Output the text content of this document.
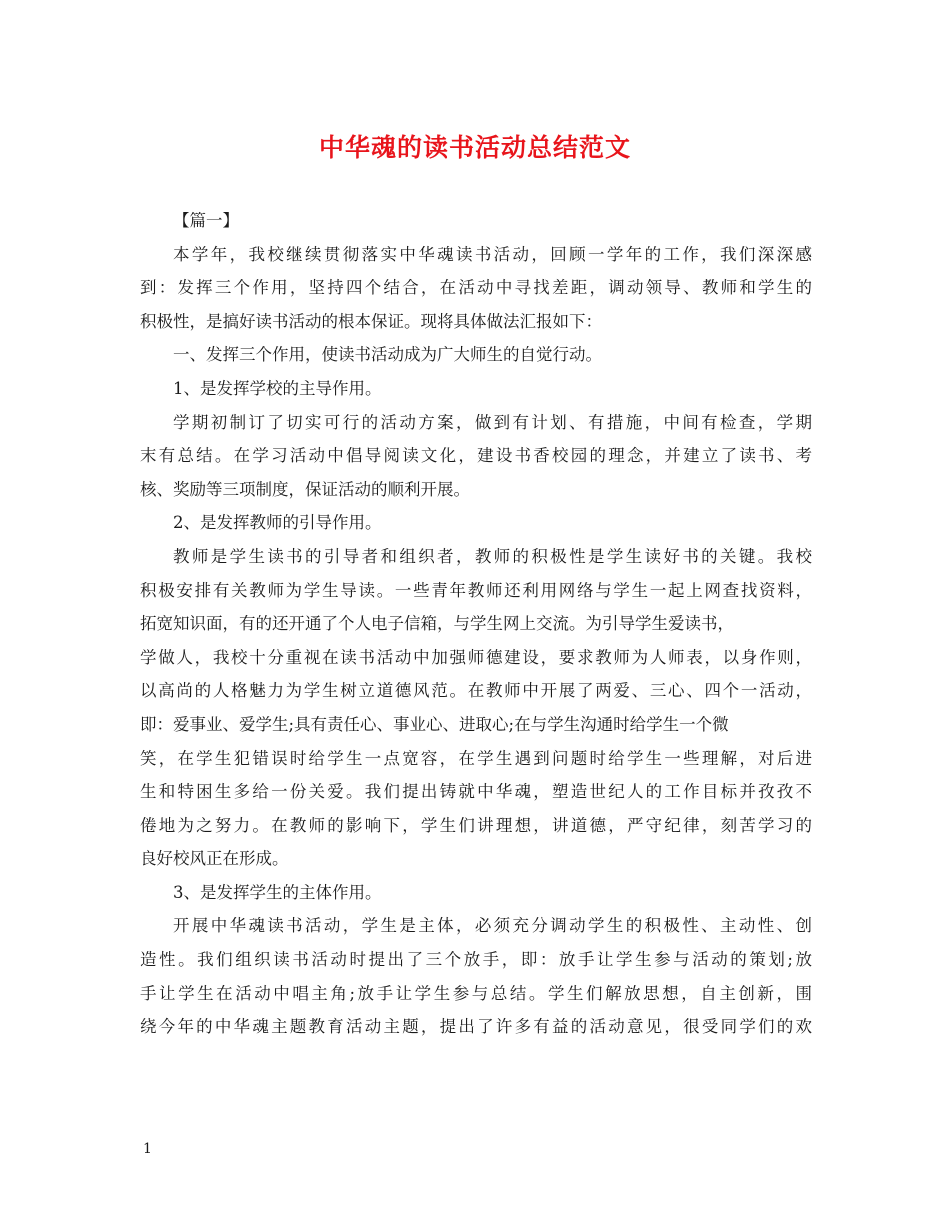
中华魂的读书活动总结范文
【篇一】
本学年，我校继续贯彻落实中华魂读书活动，回顾一学年的工作，我们深深感
到：发挥三个作用，坚持四个结合，在活动中寻找差距，调动领导、教师和学生的
积极性，是搞好读书活动的根本保证。现将具体做法汇报如下：
一、发挥三个作用，使读书活动成为广大师生的自觉行动。
1、是发挥学校的主导作用。
学期初制订了切实可行的活动方案，做到有计划、有措施，中间有检查，学期
末有总结。在学习活动中倡导阅读文化，建设书香校园的理念，并建立了读书、考
核、奖励等三项制度，保证活动的顺利开展。
2、是发挥教师的引导作用。
教师是学生读书的引导者和组织者，教师的积极性是学生读好书的关键。我校
积极安排有关教师为学生导读。一些青年教师还利用网络与学生一起上网查找资料，
拓宽知识面，有的还开通了个人电子信箱，与学生网上交流。为引导学生爱读书，
学做人，我校十分重视在读书活动中加强师德建设，要求教师为人师表，以身作则，
以高尚的人格魅力为学生树立道德风范。在教师中开展了两爱、三心、四个一活动，
即：爱事业、爱学生;具有责任心、事业心、进取心;在与学生沟通时给学生一个微
笑，在学生犯错误时给学生一点宽容，在学生遇到问题时给学生一些理解，对后进
生和特困生多给一份关爱。我们提出铸就中华魂，塑造世纪人的工作目标并孜孜不
倦地为之努力。在教师的影响下，学生们讲理想，讲道德，严守纪律，刻苦学习的
良好校风正在形成。
3、是发挥学生的主体作用。
开展中华魂读书活动，学生是主体，必须充分调动学生的积极性、主动性、创
造性。我们组织读书活动时提出了三个放手，即：放手让学生参与活动的策划;放
手让学生在活动中唱主角;放手让学生参与总结。学生们解放思想，自主创新，围
绕今年的中华魂主题教育活动主题，提出了许多有益的活动意见，很受同学们的欢
1
